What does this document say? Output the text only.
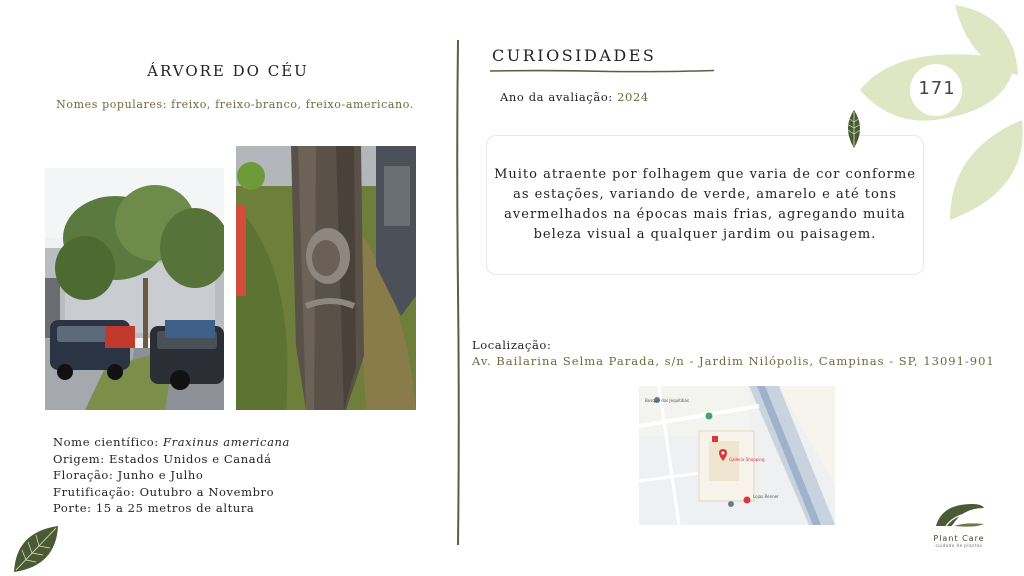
ÁRVORE DO CÉU
Nomes populares: freixo, freixo-branco, freixo-americano.
Nome científico: Fraxinus americana
Origem: Estados Unidos e Canadá
Floração: Junho e Julho
Frutificação: Outubro a Novembro
Porte: 15 a 25 metros de altura
CURIOSIDADES
Ano da avaliação: 2024
Muito atraente por folhagem que varia de cor conforme as estações, variando de verde, amarelo e até tons avermelhados na épocas mais frias, agregando muita beleza visual a qualquer jardim ou paisagem.
Localização:
Av. Bailarina Selma Parada, s/n - Jardim Nilópolis, Campinas - SP, 13091-901
Bosque dos Jequitibás
Galleria Shopping
Lojas Renner
171
Plant Care
cuidado de plantas
